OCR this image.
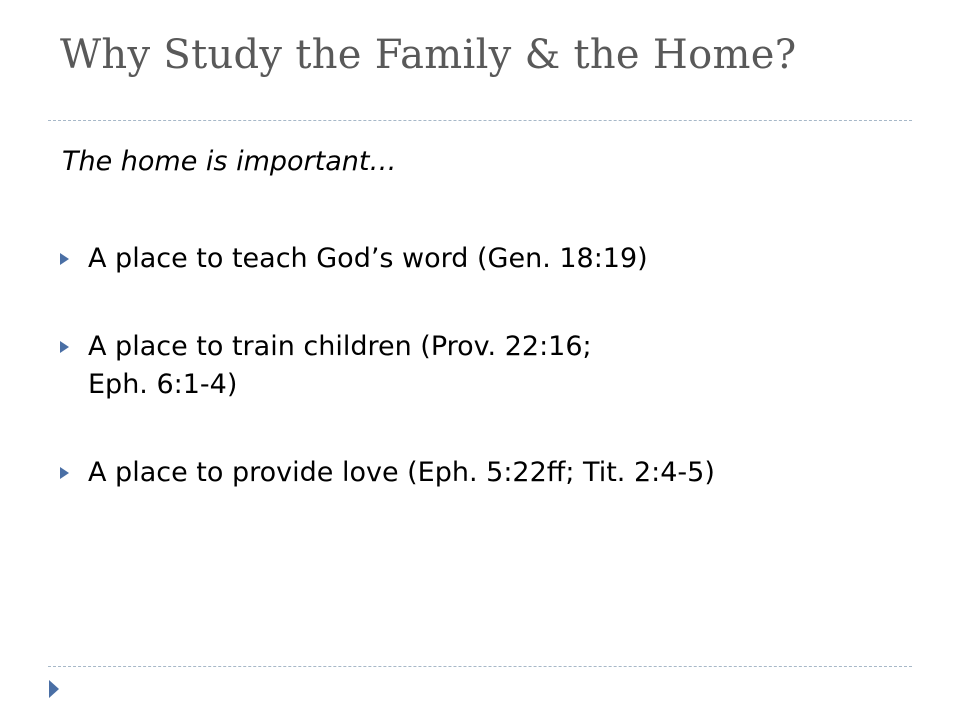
Why Study the Family & the Home?
The home is important…
A place to teach God’s word (Gen. 18:19)
A place to train children (Prov. 22:16; Eph. 6:1-4)
A place to provide love (Eph. 5:22ff; Tit. 2:4-5)
